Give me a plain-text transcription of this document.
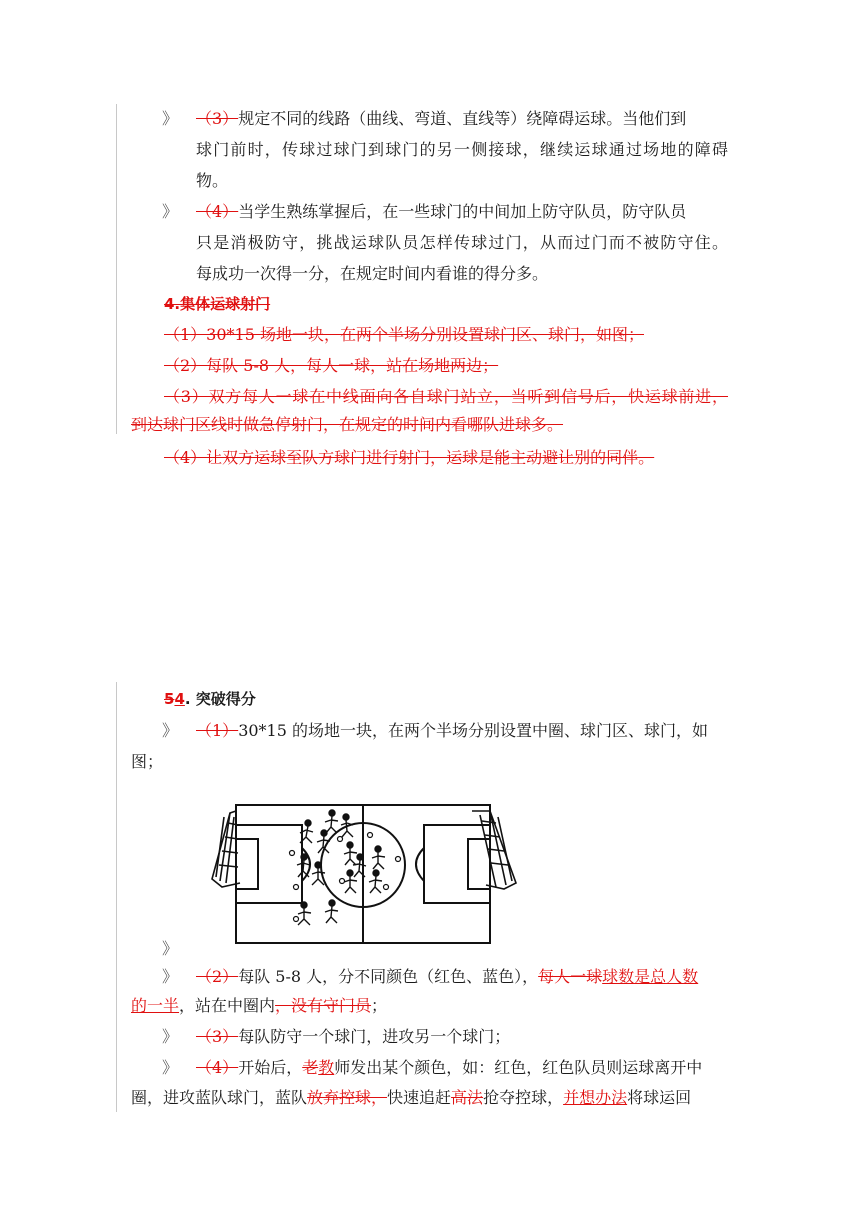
》 （3）规定不同的线路（曲线、弯道、直线等）绕障碍运球。当他们到
球门前时，传球过球门到球门的另一侧接球，继续运球通过场地的障碍
物。
》 （4）当学生熟练掌握后，在一些球门的中间加上防守队员，防守队员
只是消极防守，挑战运球队员怎样传球过门，从而过门而不被防守住。
每成功一次得一分，在规定时间内看谁的得分多。
4.集体运球射门
（1）30*15 场地一块，在两个半场分别设置球门区、球门，如图；
（2）每队 5-8 人，每人一球，站在场地两边；
（3）双方每人一球在中线面向各自球门站立，当听到信号后，快运球前进，
到达球门区线时做急停射门，在规定的时间内看哪队进球多。
（4）让双方运球至队方球门进行射门，运球是能主动避让别的同伴。
54. 突破得分
》 （1）30*15 的场地一块，在两个半场分别设置中圈、球门区、球门，如
图；
》
》 （2）每队 5-8 人，分不同颜色（红色、蓝色），每人一球球数是总人数
的一半，站在中圈内，没有守门员；
》 （3）每队防守一个球门，进攻另一个球门；
》 （4）开始后，老教师发出某个颜色，如：红色，红色队员则运球离开中
圈，进攻蓝队球门，蓝队放弃控球，快速追赶高法抢夺控球，并想办法将球运回
